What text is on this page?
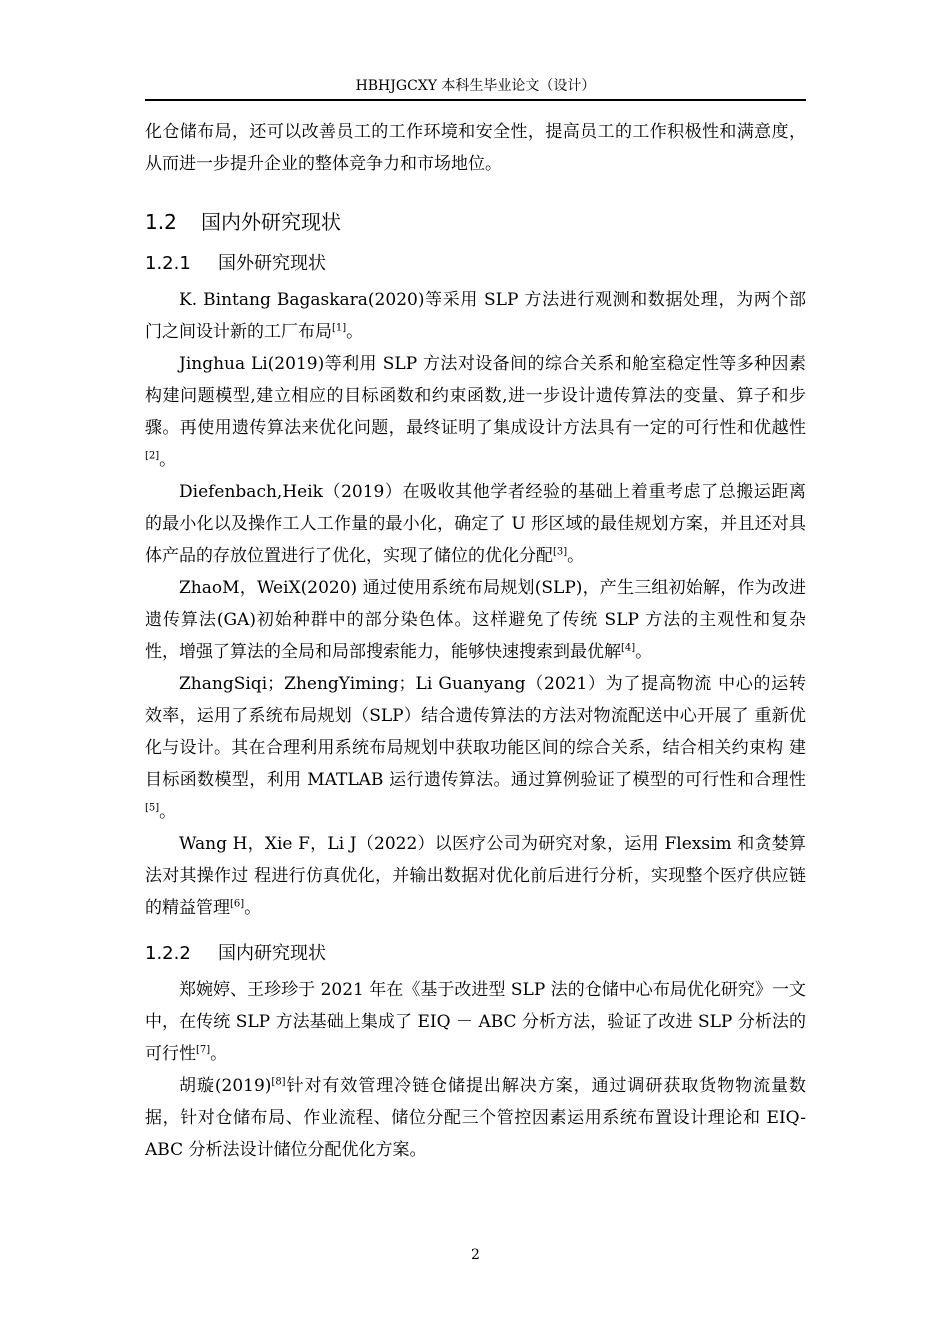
HBHJGCXY 本科生毕业论文（设计）

化仓储布局，还可以改善员工的工作环境和安全性，提高员工的工作积极性和满意度，从而进一步提升企业的整体竞争力和市场地位。

1.2 国内外研究现状
1.2.1 国外研究现状

K. Bintang Bagaskara(2020)等采用 SLP 方法进行观测和数据处理，为两个部门之间设计新的工厂布局[1]。

Jinghua Li(2019)等利用 SLP 方法对设备间的综合关系和舱室稳定性等多种因素构建问题模型,建立相应的目标函数和约束函数,进一步设计遗传算法的变量、算子和步骤。再使用遗传算法来优化问题，最终证明了集成设计方法具有一定的可行性和优越性[2]。

Diefenbach,Heik（2019）在吸收其他学者经验的基础上着重考虑了总搬运距离的最小化以及操作工人工作量的最小化，确定了 U 形区域的最佳规划方案，并且还对具体产品的存放位置进行了优化，实现了储位的优化分配[3]。

ZhaoM，WeiX(2020) 通过使用系统布局规划(SLP)，产生三组初始解，作为改进遗传算法(GA)初始种群中的部分染色体。这样避免了传统 SLP 方法的主观性和复杂性，增强了算法的全局和局部搜索能力，能够快速搜索到最优解[4]。

ZhangSiqi；ZhengYiming；Li Guanyang（2021）为了提高物流 中心的运转效率，运用了系统布局规划（SLP）结合遗传算法的方法对物流配送中心开展了 重新优化与设计。其在合理利用系统布局规划中获取功能区间的综合关系，结合相关约束构 建目标函数模型，利用 MATLAB 运行遗传算法。通过算例验证了模型的可行性和合理性[5]。

Wang H，Xie F，Li J（2022）以医疗公司为研究对象，运用 Flexsim 和贪婪算法对其操作过 程进行仿真优化，并输出数据对优化前后进行分析，实现整个医疗供应链的精益管理[6]。

1.2.2 国内研究现状

郑婉婷、王珍珍于 2021 年在《基于改进型 SLP 法的仓储中心布局优化研究》一文中，在传统 SLP 方法基础上集成了 EIQ － ABC 分析方法，验证了改进 SLP 分析法的可行性[7]。

胡璇(2019)[8]针对有效管理冷链仓储提出解决方案，通过调研获取货物物流量数据，针对仓储布局、作业流程、储位分配三个管控因素运用系统布置设计理论和 EIQ-ABC 分析法设计储位分配优化方案。

2
